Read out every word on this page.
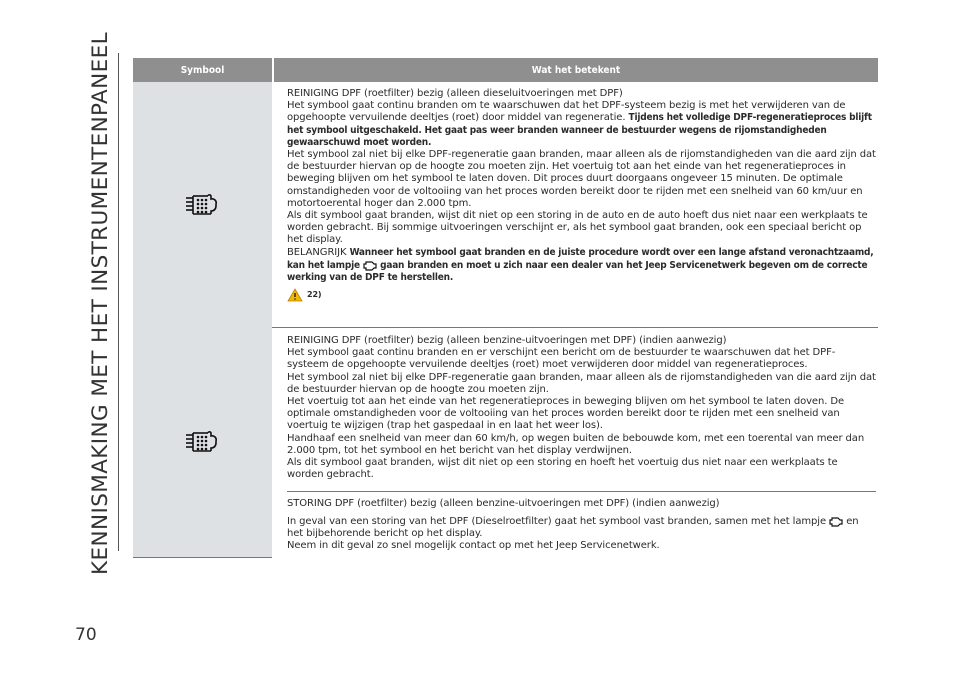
KENNISMAKING MET HET INSTRUMENTENPANEEL
70
Symbool	Wat het betekent
REINIGING DPF (roetfilter) bezig (alleen dieseluitvoeringen met DPF)
Het symbool gaat continu branden om te waarschuwen dat het DPF-systeem bezig is met het verwijderen van de opgehoopte vervuilende deeltjes (roet) door middel van regeneratie. Tijdens het volledige DPF-regeneratieproces blijft het symbool uitgeschakeld. Het gaat pas weer branden wanneer de bestuurder wegens de rijomstandigheden gewaarschuwd moet worden.
Het symbool zal niet bij elke DPF-regeneratie gaan branden, maar alleen als de rijomstandigheden van die aard zijn dat de bestuurder hiervan op de hoogte zou moeten zijn. Het voertuig tot aan het einde van het regeneratieproces in beweging blijven om het symbool te laten doven. Dit proces duurt doorgaans ongeveer 15 minuten. De optimale omstandigheden voor de voltooiing van het proces worden bereikt door te rijden met een snelheid van 60 km/uur en motortoerental hoger dan 2.000 tpm.
Als dit symbool gaat branden, wijst dit niet op een storing in de auto en de auto hoeft dus niet naar een werkplaats te worden gebracht. Bij sommige uitvoeringen verschijnt er, als het symbool gaat branden, ook een speciaal bericht op het display.
BELANGRIJK Wanneer het symbool gaat branden en de juiste procedure wordt over een lange afstand veronachtzaamd, kan het lampje gaan branden en moet u zich naar een dealer van het Jeep Servicenetwerk begeven om de correcte werking van de DPF te herstellen.
22)
REINIGING DPF (roetfilter) bezig (alleen benzine-uitvoeringen met DPF) (indien aanwezig)
Het symbool gaat continu branden en er verschijnt een bericht om de bestuurder te waarschuwen dat het DPF-systeem de opgehoopte vervuilende deeltjes (roet) moet verwijderen door middel van regeneratieproces.
Het symbool zal niet bij elke DPF-regeneratie gaan branden, maar alleen als de rijomstandigheden van die aard zijn dat de bestuurder hiervan op de hoogte zou moeten zijn.
Het voertuig tot aan het einde van het regeneratieproces in beweging blijven om het symbool te laten doven. De optimale omstandigheden voor de voltooiing van het proces worden bereikt door te rijden met een snelheid van voertuig te wijzigen (trap het gaspedaal in en laat het weer los).
Handhaaf een snelheid van meer dan 60 km/h, op wegen buiten de bebouwde kom, met een toerental van meer dan 2.000 tpm, tot het symbool en het bericht van het display verdwijnen.
Als dit symbool gaat branden, wijst dit niet op een storing en hoeft het voertuig dus niet naar een werkplaats te worden gebracht.
STORING DPF (roetfilter) bezig (alleen benzine-uitvoeringen met DPF) (indien aanwezig)
In geval van een storing van het DPF (Dieselroetfilter) gaat het symbool vast branden, samen met het lampje en het bijbehorende bericht op het display.
Neem in dit geval zo snel mogelijk contact op met het Jeep Servicenetwerk.
